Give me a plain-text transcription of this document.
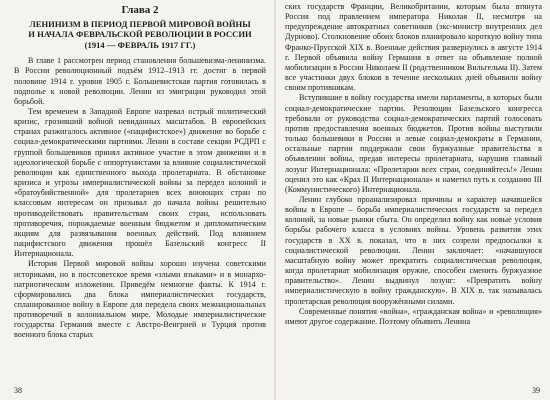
Глава 2
ЛЕНИНИЗМ В ПЕРИОД ПЕРВОЙ МИРОВОЙ ВОЙНЫ
И НАЧАЛА ФЕВРАЛЬСКОЙ РЕВОЛЮЦИИ В РОССИИ
(1914 — ФЕВРАЛЬ 1917 ГГ.)

В главе 1 рассмотрен период становления большевизма-ленинизма. В России революционный подъём 1912–1913 гг. достиг в первой половине 1914 г. уровня 1905 г. Большевистская партия готовилась в подполье к новой революции. Ленин из эмиграции руководил этой борьбой.

Тем временем в Западной Европе назревал острый политический кризис, грозивший войной невиданных масштабов. В европейских странах разжигалось активное («пацифистское») движение во борьбе с социал-демократическими партиями. Ленин в составе секции РСДРП с группой большевиков принял активное участие в этом движении и в идеологической борьбе с оппортунистами за влияние социалистической революции как единственного выхода пролетариата. В обстановке кризиса и угрозы империалистической войны за передел колоний и «братоубийственной» для пролетариев всех воюющих стран по классовым интересам он призывал до начала войны решительно противодействовать правительствам своих стран, использовать противоречия, порождаемые военным бюджетом и дипломатическим акциям для развязывания военных действий. Под влиянием пацифистского движения прошёл Базельский конгресс II Интернационала.

История Первой мировой войны хорошо изучена советскими историками, но в постсоветское время «злыми языками» и в монархо-патриотическом изложении. Приведём немногие факты. К 1914 г. сформировались два блока империалистических государств, спланированное войну в Европе для передела своих межнациональных противоречий в колониальном мире. Молодые империалистические государства Германия вместе с Австро-Венгрией и Турция против военного блока старых

38

ских государств Франции, Великобритании, которым была втянута Россия под правлением императора Николая II, несмотря на предупреждение автократных советников (экс-министр внутренних дел Дурново). Столкновение обоих блоков планировало короткую войну типа Франко-Прусской XIX в. Военные действия развернулись в августе 1914 г. Первой объявила войну Германия в ответ на объявление полной мобилизации в России Николаем II (родственником Вильгельма II). Затем все участники двух блоков в течение нескольких дней объявили войну своим противникам.

Вступившие в войну государства имели парламенты, в которых были социал-демократические партии. Резолюции Базельского конгресса требовали от руководства социал-демократических партий голосовать против предоставления военных бюджетов. Против войны выступили только большевики в России и левые социал-демократы в Германии, остальные партии поддержали свои буржуазные правительства в объявлении войны, предав интересы пролетариата, нарушив главный лозунг Интернационала: «Пролетарии всех стран, соединяйтесь!» Ленин оценил это как «Крах II Интернационала» и наметил путь к созданию III (Коммунистического) Интернационала.

Ленин глубоко проанализировал причины и характер начавшейся войны в Европе – борьба империалистических государств за передел колоний, за новые рынки сбыта. Он определил войну как новые условия борьбы рабочего класса в условиях войны. Уровень развития этих государств в XX в. показал, что в них созрели предпосылки к социалистической революции. Ленин заключает: «начавшуюся масштабную войну может прекратить социалистическая революция, когда пролетариат мобилизация оружие, способен сменить буржуазное правительство». Ленин выдвинул лозунг: «Превратить войну империалистическую в войну гражданскую». В XIX в. так называлась пролетарская революция вооружёнными силами.

Современные понятия «война», «гражданская война» и «революция» имеют другое содержание. Поэтому объявить Ленина

39
